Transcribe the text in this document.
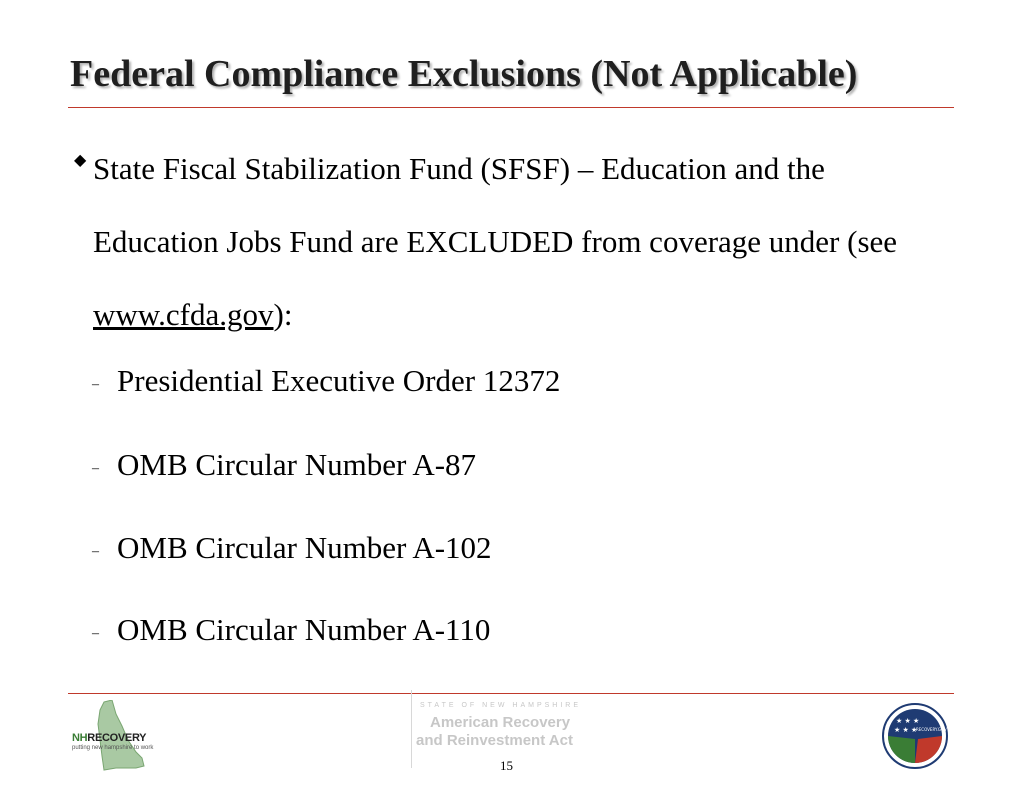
Federal Compliance Exclusions (Not Applicable)
◆ State Fiscal Stabilization Fund (SFSF) – Education and the Education Jobs Fund are EXCLUDED from coverage under (see www.cfda.gov):
– Presidential Executive Order 12372
– OMB Circular Number A-87
– OMB Circular Number A-102
– OMB Circular Number A-110
NHRECOVERY
putting new hampshire to work
STATE OF NEW HAMPSHIRE
American Recovery
and Reinvestment Act
15
★ ★ ★
★ ★ ★
RECOVERY.GOV
